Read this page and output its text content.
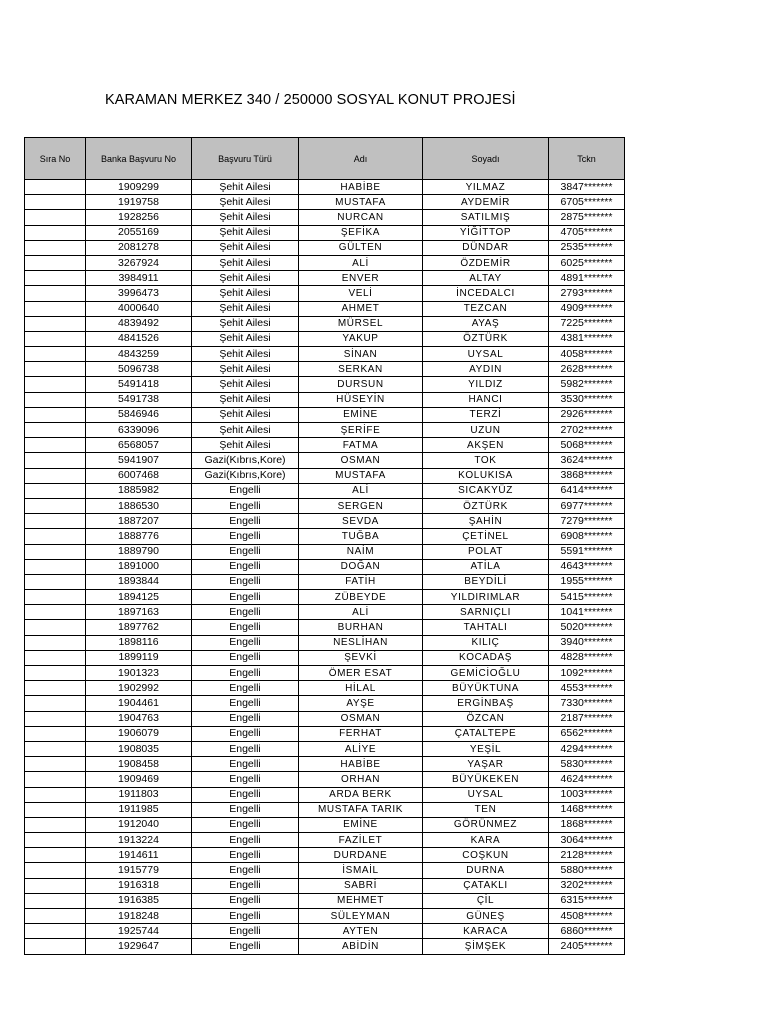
KARAMAN MERKEZ 340 / 250000 SOSYAL KONUT PROJESİ
Sıra No	Banka Başvuru No	Başvuru Türü	Adı	Soyadı	Tckn
	1909299	Şehit Ailesi	HABİBE	YILMAZ	3847*******
	1919758	Şehit Ailesi	MUSTAFA	AYDEMİR	6705*******
	1928256	Şehit Ailesi	NURCAN	SATILMIŞ	2875*******
	2055169	Şehit Ailesi	ŞEFİKA	YİĞİTTOP	4705*******
	2081278	Şehit Ailesi	GÜLTEN	DÜNDAR	2535*******
	3267924	Şehit Ailesi	ALİ	ÖZDEMİR	6025*******
	3984911	Şehit Ailesi	ENVER	ALTAY	4891*******
	3996473	Şehit Ailesi	VELİ	İNCEDALCI	2793*******
	4000640	Şehit Ailesi	AHMET	TEZCAN	4909*******
	4839492	Şehit Ailesi	MÜRSEL	AYAŞ	7225*******
	4841526	Şehit Ailesi	YAKUP	ÖZTÜRK	4381*******
	4843259	Şehit Ailesi	SİNAN	UYSAL	4058*******
	5096738	Şehit Ailesi	SERKAN	AYDIN	2628*******
	5491418	Şehit Ailesi	DURSUN	YILDIZ	5982*******
	5491738	Şehit Ailesi	HÜSEYİN	HANCI	3530*******
	5846946	Şehit Ailesi	EMİNE	TERZİ	2926*******
	6339096	Şehit Ailesi	ŞERİFE	UZUN	2702*******
	6568057	Şehit Ailesi	FATMA	AKŞEN	5068*******
	5941907	Gazi(Kıbrıs,Kore)	OSMAN	TOK	3624*******
	6007468	Gazi(Kıbrıs,Kore)	MUSTAFA	KOLUKISA	3868*******
	1885982	Engelli	ALİ	SICAKYÜZ	6414*******
	1886530	Engelli	SERGEN	ÖZTÜRK	6977*******
	1887207	Engelli	SEVDA	ŞAHİN	7279*******
	1888776	Engelli	TUĞBA	ÇETİNEL	6908*******
	1889790	Engelli	NAİM	POLAT	5591*******
	1891000	Engelli	DOĞAN	ATİLA	4643*******
	1893844	Engelli	FATİH	BEYDİLİ	1955*******
	1894125	Engelli	ZÜBEYDE	YILDIRIMLAR	5415*******
	1897163	Engelli	ALİ	SARNIÇLI	1041*******
	1897762	Engelli	BURHAN	TAHTALI	5020*******
	1898116	Engelli	NESLİHAN	KILIÇ	3940*******
	1899119	Engelli	ŞEVKİ	KOCADAŞ	4828*******
	1901323	Engelli	ÖMER ESAT	GEMİCİOĞLU	1092*******
	1902992	Engelli	HİLAL	BÜYÜKTUNA	4553*******
	1904461	Engelli	AYŞE	ERGİNBAŞ	7330*******
	1904763	Engelli	OSMAN	ÖZCAN	2187*******
	1906079	Engelli	FERHAT	ÇATALTEPE	6562*******
	1908035	Engelli	ALİYE	YEŞİL	4294*******
	1908458	Engelli	HABİBE	YAŞAR	5830*******
	1909469	Engelli	ORHAN	BÜYÜKEKEN	4624*******
	1911803	Engelli	ARDA BERK	UYSAL	1003*******
	1911985	Engelli	MUSTAFA TARIK	TEN	1468*******
	1912040	Engelli	EMİNE	GÖRÜNMEZ	1868*******
	1913224	Engelli	FAZİLET	KARA	3064*******
	1914611	Engelli	DURDANE	COŞKUN	2128*******
	1915779	Engelli	İSMAİL	DURNA	5880*******
	1916318	Engelli	SABRİ	ÇATAKLI	3202*******
	1916385	Engelli	MEHMET	ÇİL	6315*******
	1918248	Engelli	SÜLEYMAN	GÜNEŞ	4508*******
	1925744	Engelli	AYTEN	KARACA	6860*******
	1929647	Engelli	ABİDİN	ŞİMŞEK	2405*******
